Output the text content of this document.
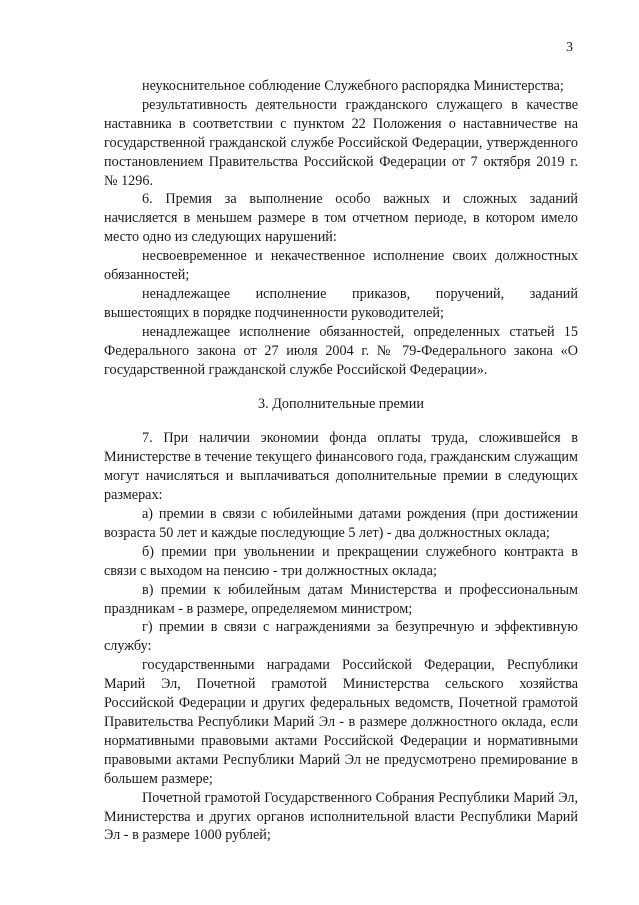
3

неукоснительное соблюдение Служебного распорядка Министерства;

результативность деятельности гражданского служащего в качестве наставника в соответствии с пунктом 22 Положения о наставничестве на государственной гражданской службе Российской Федерации, утвержденного постановлением Правительства Российской Федерации от 7 октября 2019 г. № 1296.

6. Премия за выполнение особо важных и сложных заданий начисляется в меньшем размере в том отчетном периоде, в котором имело место одно из следующих нарушений:

несвоевременное и некачественное исполнение своих должностных обязанностей;

ненадлежащее исполнение приказов, поручений, заданий вышестоящих в порядке подчиненности руководителей;

ненадлежащее исполнение обязанностей, определенных статьей 15 Федерального закона от 27 июля 2004 г. № 79-Федерального закона «О государственной гражданской службе Российской Федерации».

3. Дополнительные премии

7. При наличии экономии фонда оплаты труда, сложившейся в Министерстве в течение текущего финансового года, гражданским служащим могут начисляться и выплачиваться дополнительные премии в следующих размерах:

а) премии в связи с юбилейными датами рождения (при достижении возраста 50 лет и каждые последующие 5 лет) - два должностных оклада;

б) премии при увольнении и прекращении служебного контракта в связи с выходом на пенсию - три должностных оклада;

в) премии к юбилейным датам Министерства и профессиональным праздникам - в размере, определяемом министром;

г) премии в связи с награждениями за безупречную и эффективную службу:

государственными наградами Российской Федерации, Республики Марий Эл, Почетной грамотой Министерства сельского хозяйства Российской Федерации и других федеральных ведомств, Почетной грамотой Правительства Республики Марий Эл - в размере должностного оклада, если нормативными правовыми актами Российской Федерации и нормативными правовыми актами Республики Марий Эл не предусмотрено премирование в большем размере;

Почетной грамотой Государственного Собрания Республики Марий Эл, Министерства и других органов исполнительной власти Республики Марий Эл - в размере 1000 рублей;
